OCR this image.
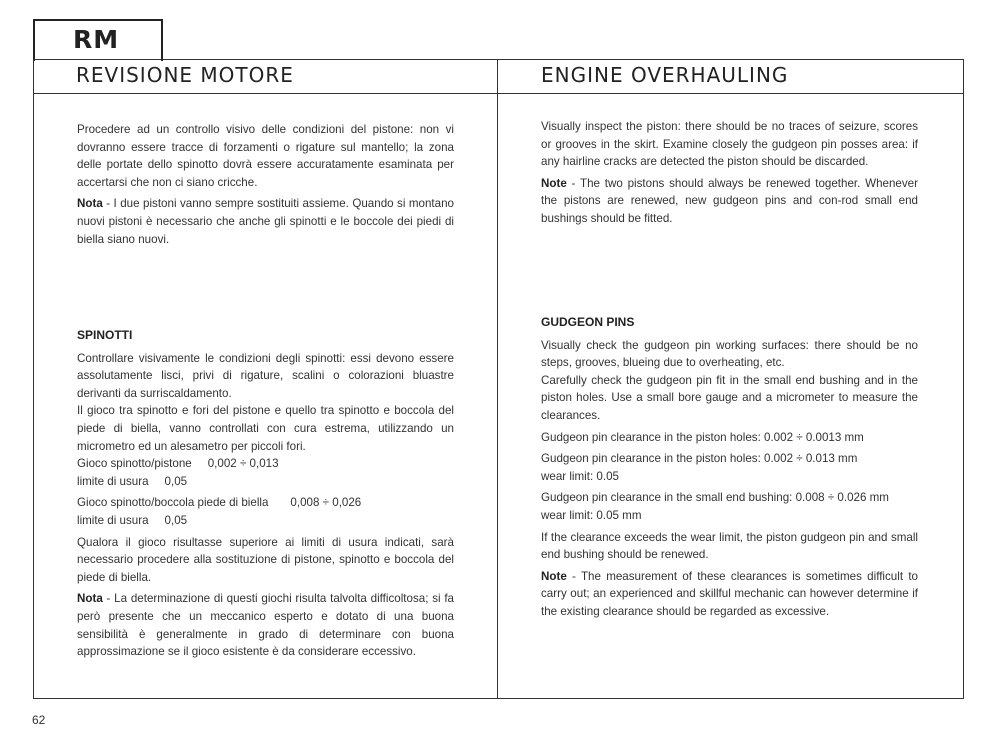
RM
REVISIONE MOTORE	ENGINE OVERHAULING

Procedere ad un controllo visivo delle condizioni del pistone: non vi dovranno essere tracce di forzamenti o rigature sul mantello; la zona delle portate dello spinotto dovrà essere accuratamente esaminata per accertarsi che non ci siano cricche.

Nota - I due pistoni vanno sempre sostituiti assieme. Quando si montano nuovi pistoni è necessario che anche gli spinotti e le boccole dei piedi di biella siano nuovi.

SPINOTTI

Controllare visivamente le condizioni degli spinotti: essi devono essere assolutamente lisci, privi di rigature, scalini o colorazioni bluastre derivanti da surriscaldamento.

Il gioco tra spinotto e fori del pistone e quello tra spinotto e boccola del piede di biella, vanno controllati con cura estrema, utilizzando un micrometro ed un alesametro per piccoli fori.

Gioco spinotto/pistone 0,002 ÷ 0,013
limite di usura 0,05
Gioco spinotto/boccola piede di biella 0,008 ÷ 0,026
limite di usura 0,05

Qualora il gioco risultasse superiore ai limiti di usura indicati, sarà necessario procedere alla sostituzione di pistone, spinotto e boccola del piede di biella.

Nota - La determinazione di questi giochi risulta talvolta difficoltosa; si fa però presente che un meccanico esperto e dotato di una buona sensibilità è generalmente in grado di determinare con buona approssimazione se il gioco esistente è da considerare eccessivo.

Visually inspect the piston: there should be no traces of seizure, scores or grooves in the skirt. Examine closely the gudgeon pin posses area: if any hairline cracks are detected the piston should be discarded.

Note - The two pistons should always be renewed together. Whenever the pistons are renewed, new gudgeon pins and con-rod small end bushings should be fitted.

GUDGEON PINS

Visually check the gudgeon pin working surfaces: there should be no steps, grooves, blueing due to overheating, etc.

Carefully check the gudgeon pin fit in the small end bushing and in the piston holes. Use a small bore gauge and a micrometer to measure the clearances.

Gudgeon pin clearance in the piston holes: 0.002 ÷ 0.0013 mm

Gudgeon pin clearance in the piston holes: 0.002 ÷ 0.013 mm

wear limit: 0.05

Gudgeon pin clearance in the small end bushing: 0.008 ÷ 0.026 mm

wear limit: 0.05 mm

If the clearance exceeds the wear limit, the piston gudgeon pin and small end bushing should be renewed.

Note - The measurement of these clearances is sometimes difficult to carry out; an experienced and skillful mechanic can however determine if the existing clearance should be regarded as excessive.

62
